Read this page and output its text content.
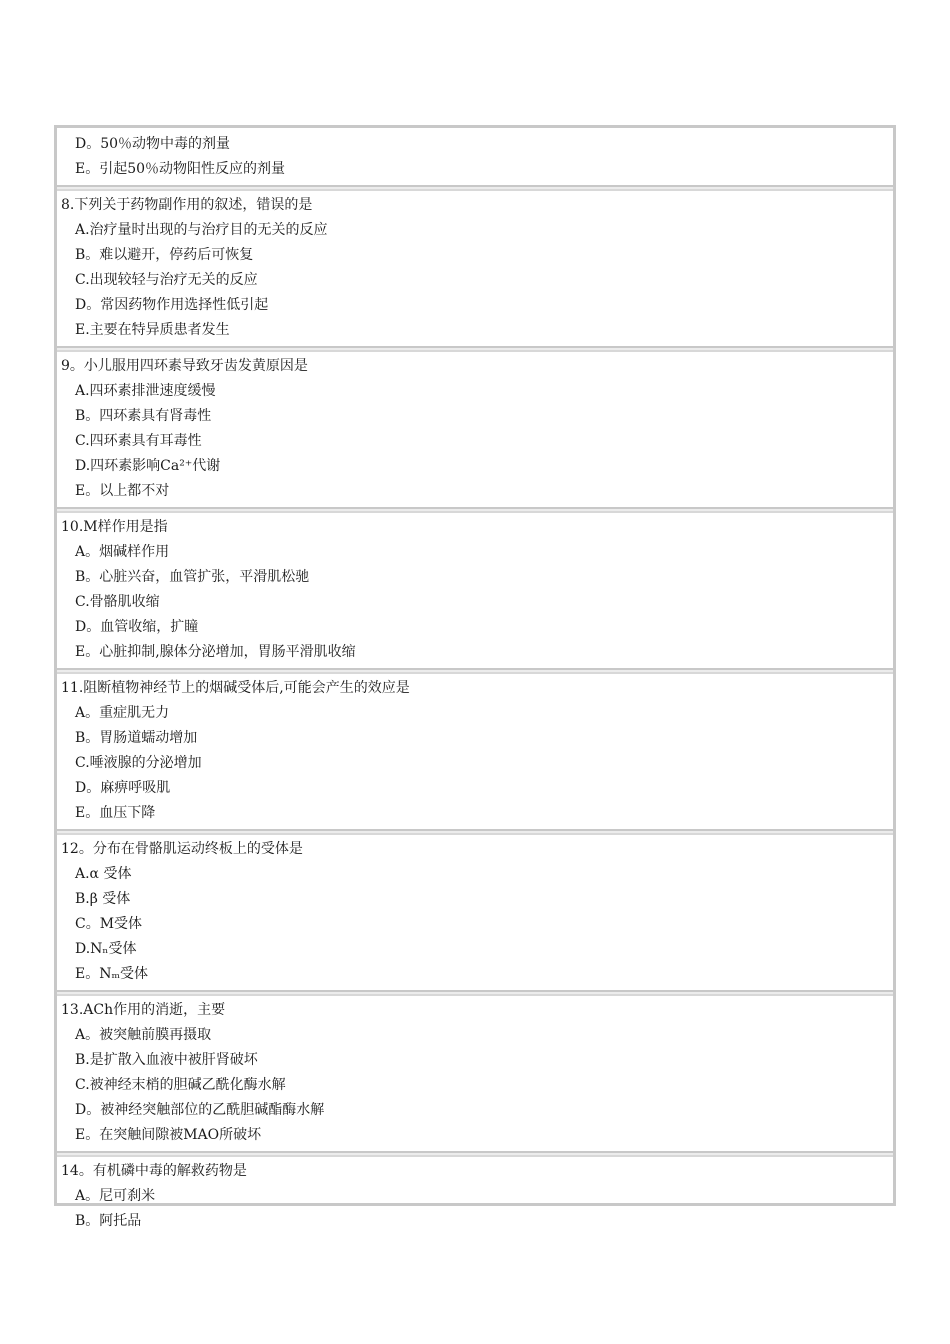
D。50％动物中毒的剂量
E。引起50％动物阳性反应的剂量
8.下列关于药物副作用的叙述，错误的是
A.治疗量时出现的与治疗目的无关的反应
B。难以避开，停药后可恢复
C.出现较轻与治疗无关的反应
D。常因药物作用选择性低引起
E.主要在特异质患者发生
9。小儿服用四环素导致牙齿发黄原因是
A.四环素排泄速度缓慢
B。四环素具有肾毒性
C.四环素具有耳毒性
D.四环素影响Ca²⁺代谢
E。以上都不对
10.M样作用是指
A。烟碱样作用
B。心脏兴奋，血管扩张，平滑肌松驰
C.骨骼肌收缩
D。血管收缩，扩瞳
E。心脏抑制,腺体分泌增加，胃肠平滑肌收缩
11.阻断植物神经节上的烟碱受体后,可能会产生的效应是
A。重症肌无力
B。胃肠道蠕动增加
C.唾液腺的分泌增加
D。麻痹呼吸肌
E。血压下降
12。分布在骨骼肌运动终板上的受体是
A.α 受体
B.β 受体
C。M受体
D.Nₙ受体
E。Nₘ受体
13.ACh作用的消逝，主要
A。被突触前膜再摄取
B.是扩散入血液中被肝肾破坏
C.被神经末梢的胆碱乙酰化酶水解
D。被神经突触部位的乙酰胆碱酯酶水解
E。在突触间隙被MAO所破坏
14。有机磷中毒的解救药物是
A。尼可刹米
B。阿托品
